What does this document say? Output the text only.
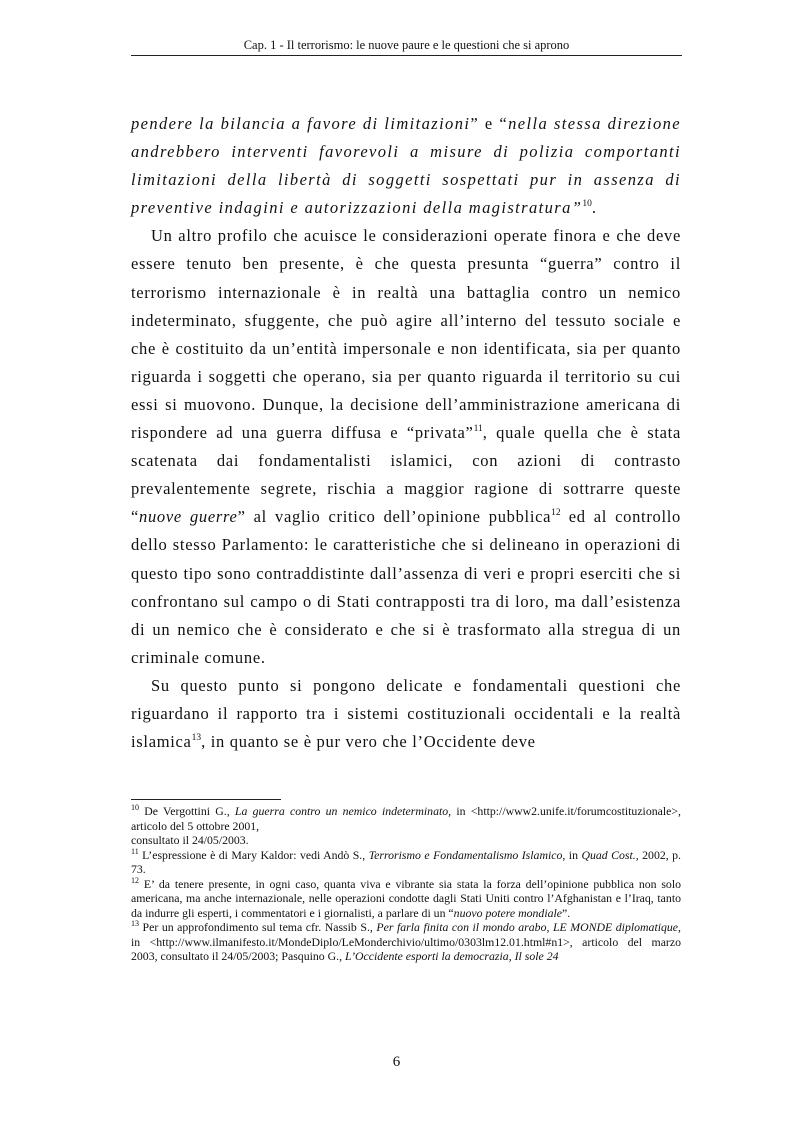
Cap. 1 - Il terrorismo: le nuove paure e le questioni che si aprono

pendere la bilancia a favore di limitazioni” e “nella stessa direzione andrebbero interventi favorevoli a misure di polizia comportanti limitazioni della libertà di soggetti sospettati pur in assenza di preventive indagini e autorizzazioni della magistratura”$^{10}$.

Un altro profilo che acuisce le considerazioni operate finora e che deve essere tenuto ben presente, è che questa presunta “guerra” contro il terrorismo internazionale è in realtà una battaglia contro un nemico indeterminato, sfuggente, che può agire all’interno del tessuto sociale e che è costituito da un’entità impersonale e non identificata, sia per quanto riguarda i soggetti che operano, sia per quanto riguarda il territorio su cui essi si muovono. Dunque, la decisione dell’amministrazione americana di rispondere ad una guerra diffusa e “privata”$^{11}$, quale quella che è stata scatenata dai fondamentalisti islamici, con azioni di contrasto prevalentemente segrete, rischia a maggior ragione di sottrarre queste “nuove guerre” al vaglio critico dell’opinione pubblica$^{12}$ ed al controllo dello stesso Parlamento: le caratteristiche che si delineano in operazioni di questo tipo sono contraddistinte dall’assenza di veri e propri eserciti che si confrontano sul campo o di Stati contrapposti tra di loro, ma dall’esistenza di un nemico che è considerato e che si è trasformato alla stregua di un criminale comune.

Su questo punto si pongono delicate e fondamentali questioni che riguardano il rapporto tra i sistemi costituzionali occidentali e la realtà islamica$^{13}$, in quanto se è pur vero che l’Occidente deve

$^{10}$ De Vergottini G., La guerra contro un nemico indeterminato, in <http://www2.unife.it/forumcostituzionale>, articolo del 5 ottobre 2001,
consultato il 24/05/2003.

$^{11}$ L’espressione è di Mary Kaldor: vedi Andò S., Terrorismo e Fondamentalismo Islamico, in Quad Cost., 2002, p. 73.

$^{12}$ E’ da tenere presente, in ogni caso, quanta viva e vibrante sia stata la forza dell’opinione pubblica non solo americana, ma anche internazionale, nelle operazioni condotte dagli Stati Uniti contro l’Afghanistan e l’Iraq, tanto da indurre gli esperti, i commentatori e i giornalisti, a parlare di un “nuovo potere mondiale”.

$^{13}$ Per un approfondimento sul tema cfr. Nassib S., Per farla finita con il mondo arabo, LE MONDE diplomatique, in <http://www.ilmanifesto.it/MondeDiplo/LeMonderchivio/ultimo/0303lm12.01.html#n1>, articolo del marzo 2003, consultato il 24/05/2003; Pasquino G., L’Occidente esporti la democrazia, Il sole 24

6
